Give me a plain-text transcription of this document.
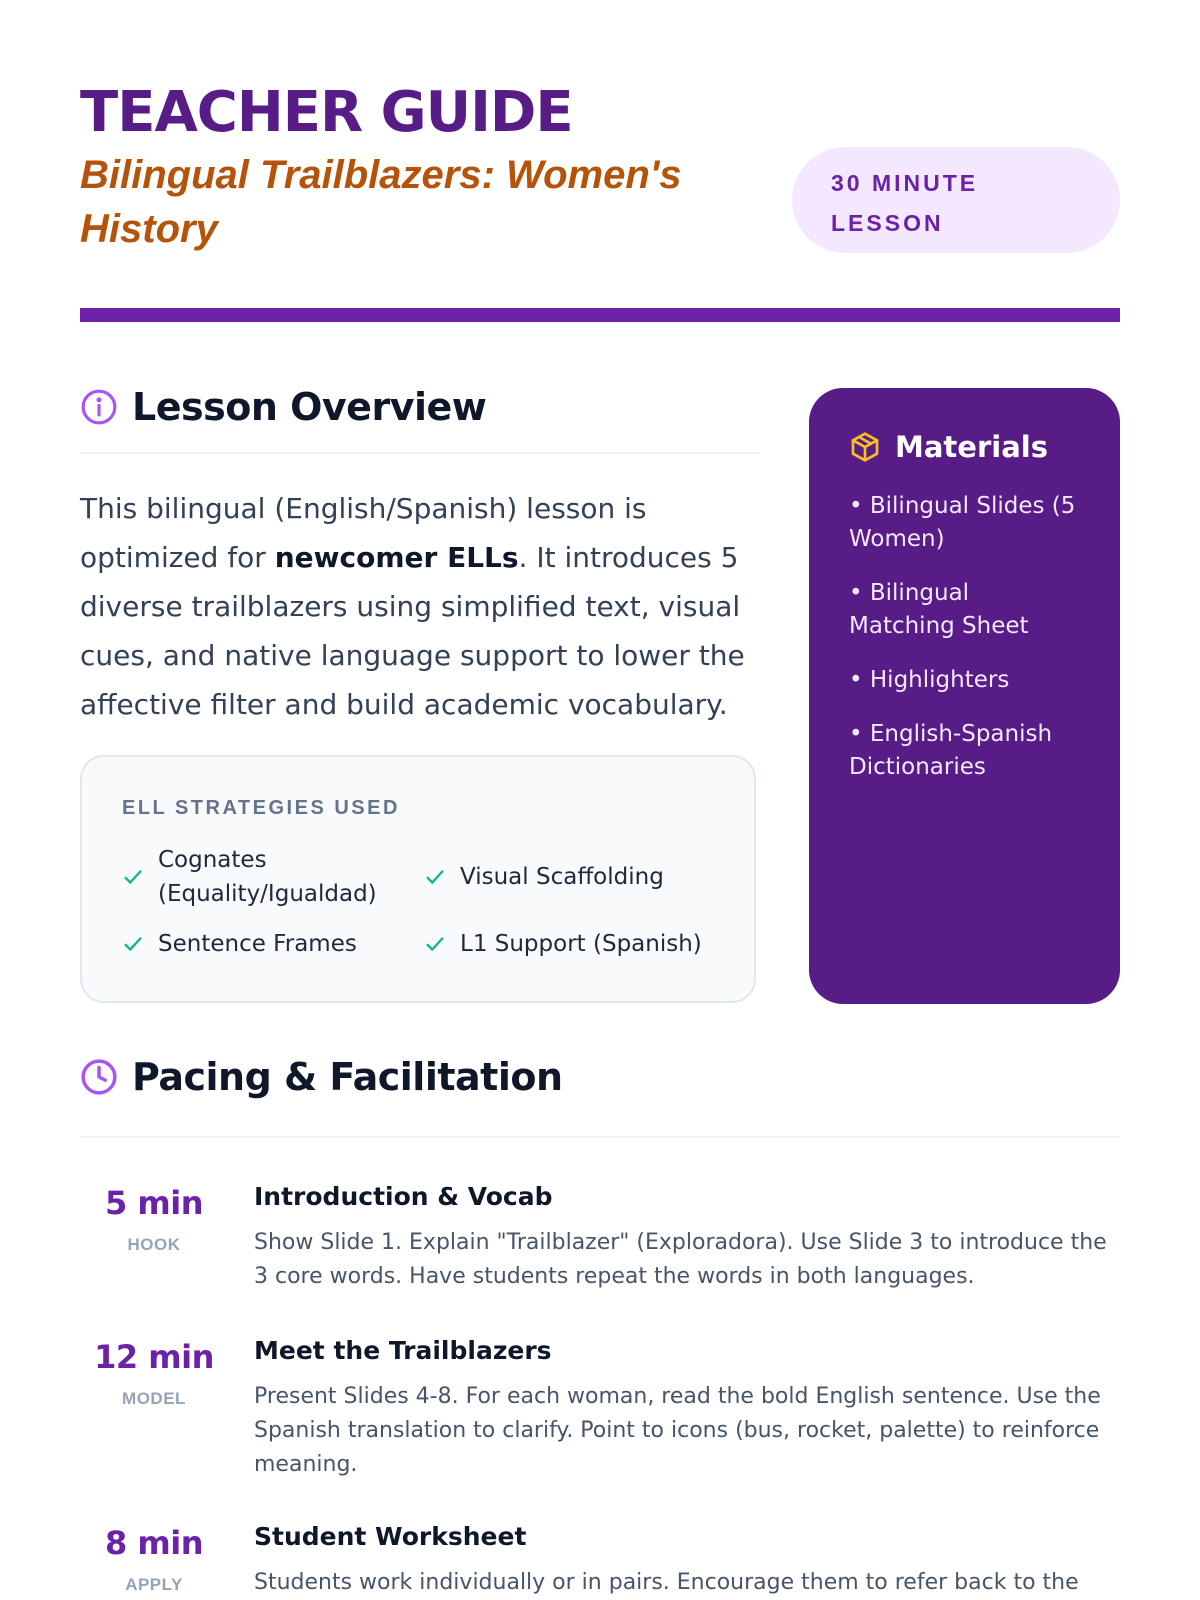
TEACHER GUIDE

Bilingual Trailblazers: Women's History

30 MINUTE
LESSON
Lesson Overview

This bilingual (English/Spanish) lesson is optimized for newcomer ELLs. It introduces 5 diverse trailblazers using simplified text, visual cues, and native language support to lower the affective filter and build academic vocabulary.

ELL STRATEGIES USED
Cognates (Equality/Igualdad)
Visual Scaffolding
Sentence Frames	L1 Support (Spanish)
Materials
• Bilingual Slides (5 Women)
• Bilingual Matching Sheet
• Highlighters
• English-Spanish Dictionaries
Pacing & Facilitation
5 min
HOOK
Introduction & Vocab

Show Slide 1. Explain "Trailblazer" (Exploradora). Use Slide 3 to introduce the 3 core words. Have students repeat the words in both languages.

12 min
MODEL
Meet the Trailblazers

Present Slides 4-8. For each woman, read the bold English sentence. Use the Spanish translation to clarify. Point to icons (bus, rocket, palette) to reinforce meaning.

8 min
APPLY
Student Worksheet

Students work individually or in pairs. Encourage them to refer back to the
